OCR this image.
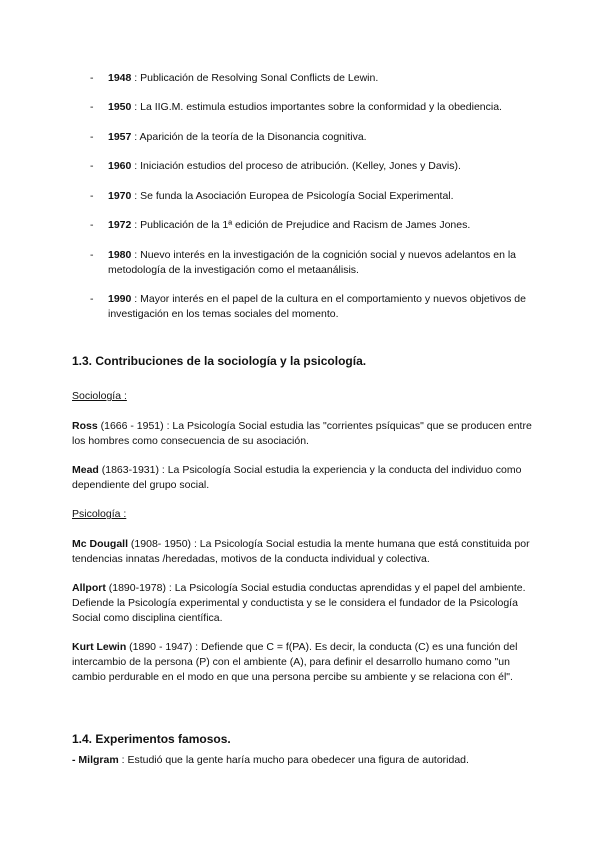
- 1948 : Publicación de Resolving Sonal Conflicts de Lewin.
- 1950 : La IIG.M. estimula estudios importantes sobre la conformidad y la obediencia.
- 1957 : Aparición de la teoría de la Disonancia cognitiva.
- 1960 : Iniciación estudios del proceso de atribución. (Kelley, Jones y Davis).
- 1970 : Se funda la Asociación Europea de Psicología Social Experimental.
- 1972 : Publicación de la 1ª edición de Prejudice and Racism de James Jones.
- 1980 : Nuevo interés en la investigación de la cognición social y nuevos adelantos en la metodología de la investigación como el metaanálisis.
- 1990 : Mayor interés en el papel de la cultura en el comportamiento y nuevos objetivos de investigación en los temas sociales del momento.
1.3. Contribuciones de la sociología y la psicología.
Sociología :
Ross (1666 - 1951) : La Psicología Social estudia las "corrientes psíquicas" que se producen entre los hombres como consecuencia de su asociación.
Mead (1863-1931) : La Psicología Social estudia la experiencia y la conducta del individuo como dependiente del grupo social.
Psicología :
Mc Dougall (1908- 1950) : La Psicología Social estudia la mente humana que está constituida por tendencias innatas /heredadas, motivos de la conducta individual y colectiva.
Allport (1890-1978) : La Psicología Social estudia conductas aprendidas y el papel del ambiente. Defiende la Psicología experimental y conductista y se le considera el fundador de la Psicología Social como disciplina científica.
Kurt Lewin (1890 - 1947) : Defiende que C = f(PA). Es decir, la conducta (C) es una función del intercambio de la persona (P) con el ambiente (A), para definir el desarrollo humano como "un cambio perdurable en el modo en que una persona percibe su ambiente y se relaciona con él".
1.4. Experimentos famosos.
- Milgram : Estudió que la gente haría mucho para obedecer una figura de autoridad.
